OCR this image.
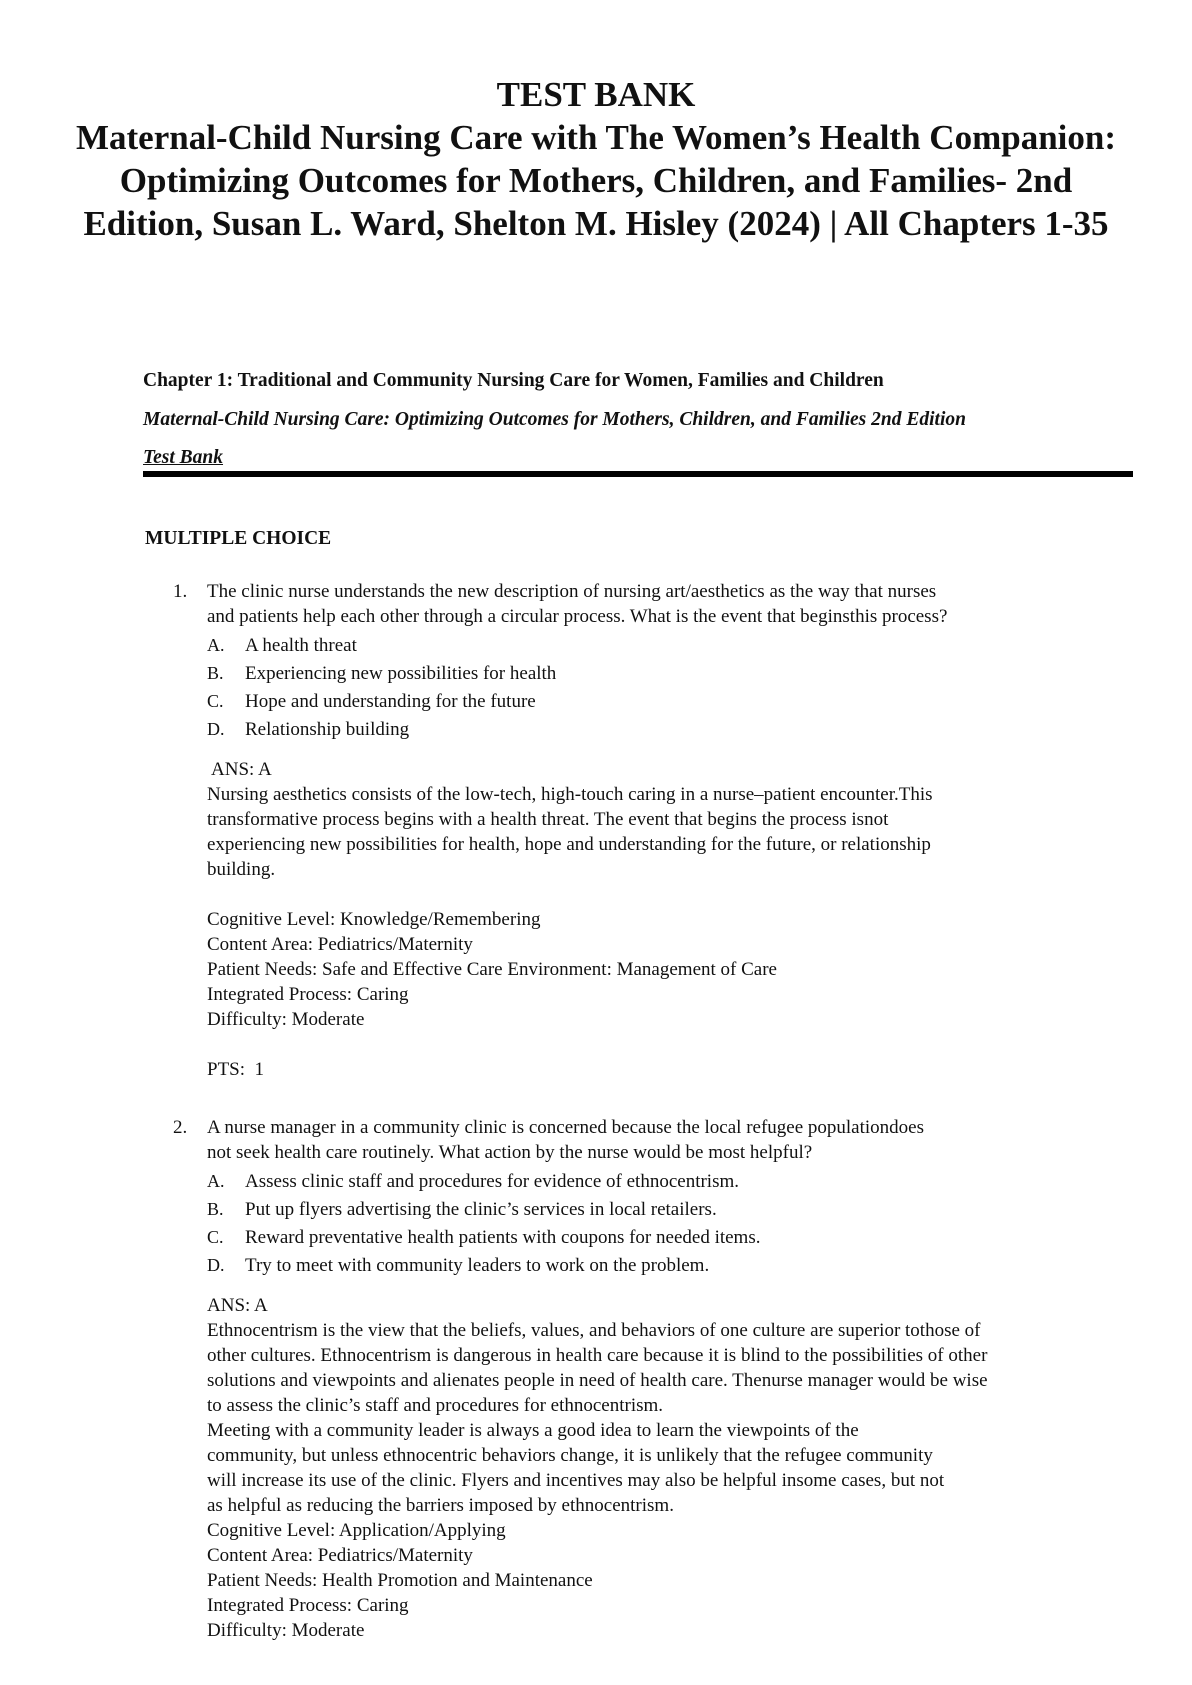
TEST BANK
Maternal-Child Nursing Care with The Women’s Health Companion:
Optimizing Outcomes for Mothers, Children, and Families- 2nd
Edition, Susan L. Ward, Shelton M. Hisley (2024) | All Chapters 1-35
Chapter 1: Traditional and Community Nursing Care for Women, Families and Children
Maternal-Child Nursing Care: Optimizing Outcomes for Mothers, Children, and Families 2nd Edition
Test Bank
MULTIPLE CHOICE
1. The clinic nurse understands the new description of nursing art/aesthetics as the way that nurses
and patients help each other through a circular process. What is the event that beginsthis process?
A. A health threat
B. Experiencing new possibilities for health
C. Hope and understanding for the future
D. Relationship building
ANS: A
Nursing aesthetics consists of the low-tech, high-touch caring in a nurse–patient encounter.This
transformative process begins with a health threat. The event that begins the process isnot
experiencing new possibilities for health, hope and understanding for the future, or relationship
building.
Cognitive Level: Knowledge/Remembering
Content Area: Pediatrics/Maternity
Patient Needs: Safe and Effective Care Environment: Management of Care
Integrated Process: Caring
Difficulty: Moderate
PTS:  1
2. A nurse manager in a community clinic is concerned because the local refugee populationdoes
not seek health care routinely. What action by the nurse would be most helpful?
A. Assess clinic staff and procedures for evidence of ethnocentrism.
B. Put up flyers advertising the clinic’s services in local retailers.
C. Reward preventative health patients with coupons for needed items.
D. Try to meet with community leaders to work on the problem.
ANS: A
Ethnocentrism is the view that the beliefs, values, and behaviors of one culture are superior tothose of
other cultures. Ethnocentrism is dangerous in health care because it is blind to the possibilities of other
solutions and viewpoints and alienates people in need of health care. Thenurse manager would be wise
to assess the clinic’s staff and procedures for ethnocentrism.
Meeting with a community leader is always a good idea to learn the viewpoints of the
community, but unless ethnocentric behaviors change, it is unlikely that the refugee community
will increase its use of the clinic. Flyers and incentives may also be helpful insome cases, but not
as helpful as reducing the barriers imposed by ethnocentrism.
Cognitive Level: Application/Applying
Content Area: Pediatrics/Maternity
Patient Needs: Health Promotion and Maintenance
Integrated Process: Caring
Difficulty: Moderate
